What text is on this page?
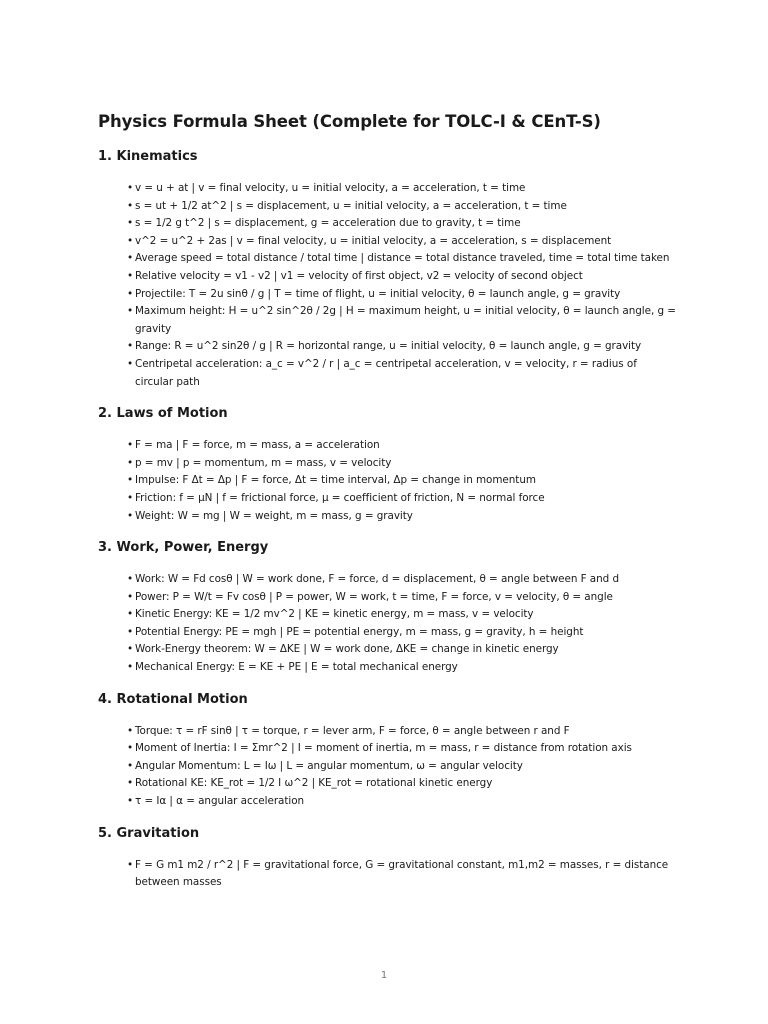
Physics Formula Sheet (Complete for TOLC-I & CEnT-S)
1. Kinematics
• v = u + at | v = final velocity, u = initial velocity, a = acceleration, t = time
• s = ut + 1/2 at^2 | s = displacement, u = initial velocity, a = acceleration, t = time
• s = 1/2 g t^2 | s = displacement, g = acceleration due to gravity, t = time
• v^2 = u^2 + 2as | v = final velocity, u = initial velocity, a = acceleration, s = displacement
• Average speed = total distance / total time | distance = total distance traveled, time = total time taken
• Relative velocity = v1 - v2 | v1 = velocity of first object, v2 = velocity of second object
• Projectile: T = 2u sinθ / g | T = time of flight, u = initial velocity, θ = launch angle, g = gravity
• Maximum height: H = u^2 sin^2θ / 2g | H = maximum height, u = initial velocity, θ = launch angle, g = gravity
• Range: R = u^2 sin2θ / g | R = horizontal range, u = initial velocity, θ = launch angle, g = gravity
• Centripetal acceleration: a_c = v^2 / r | a_c = centripetal acceleration, v = velocity, r = radius of circular path
2. Laws of Motion
• F = ma | F = force, m = mass, a = acceleration
• p = mv | p = momentum, m = mass, v = velocity
• Impulse: F Δt = Δp | F = force, Δt = time interval, Δp = change in momentum
• Friction: f = μN | f = frictional force, μ = coefficient of friction, N = normal force
• Weight: W = mg | W = weight, m = mass, g = gravity
3. Work, Power, Energy
• Work: W = Fd cosθ | W = work done, F = force, d = displacement, θ = angle between F and d
• Power: P = W/t = Fv cosθ | P = power, W = work, t = time, F = force, v = velocity, θ = angle
• Kinetic Energy: KE = 1/2 mv^2 | KE = kinetic energy, m = mass, v = velocity
• Potential Energy: PE = mgh | PE = potential energy, m = mass, g = gravity, h = height
• Work-Energy theorem: W = ΔKE | W = work done, ΔKE = change in kinetic energy
• Mechanical Energy: E = KE + PE | E = total mechanical energy
4. Rotational Motion
• Torque: τ = rF sinθ | τ = torque, r = lever arm, F = force, θ = angle between r and F
• Moment of Inertia: I = Σmr^2 | I = moment of inertia, m = mass, r = distance from rotation axis
• Angular Momentum: L = Iω | L = angular momentum, ω = angular velocity
• Rotational KE: KE_rot = 1/2 I ω^2 | KE_rot = rotational kinetic energy
• τ = Iα | α = angular acceleration
5. Gravitation
• F = G m1 m2 / r^2 | F = gravitational force, G = gravitational constant, m1,m2 = masses, r = distance between masses
1
